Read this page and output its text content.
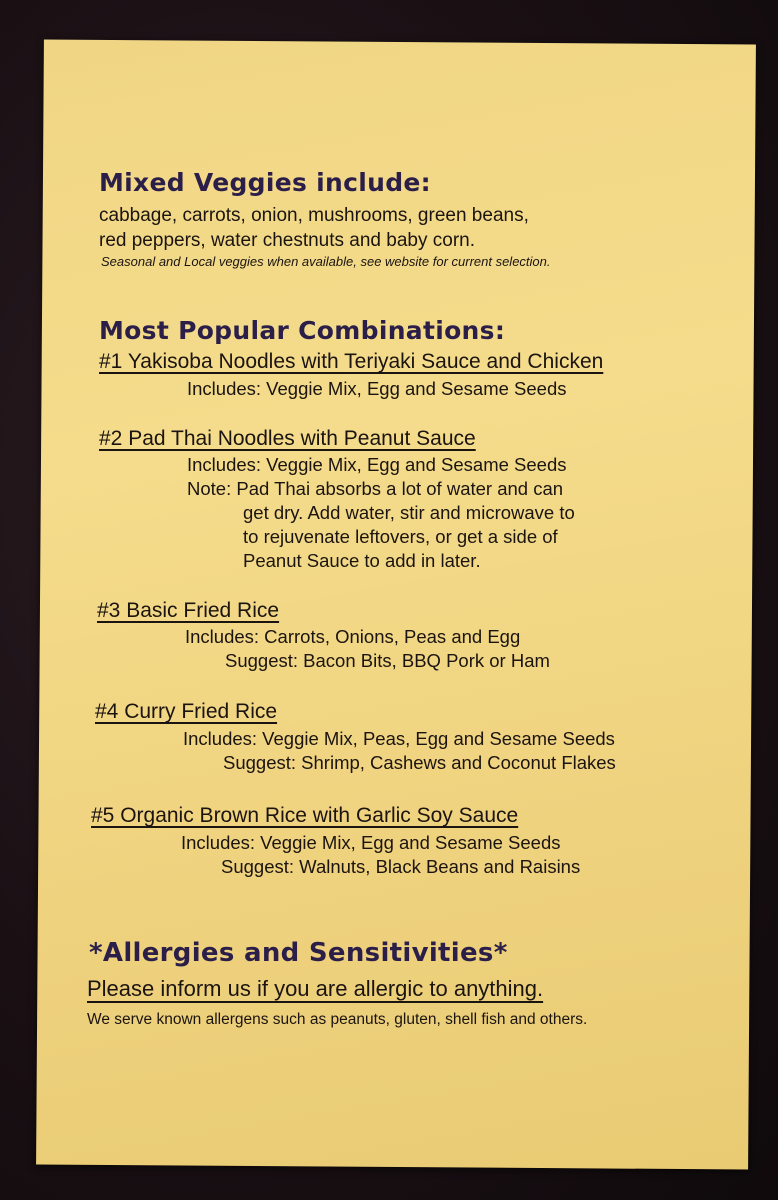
Mixed Veggies include:
cabbage, carrots, onion, mushrooms, green beans,
red peppers, water chestnuts and baby corn.
Seasonal and Local veggies when available, see website for current selection.
Most Popular Combinations:
#1 Yakisoba Noodles with Teriyaki Sauce and Chicken
Includes: Veggie Mix, Egg and Sesame Seeds
#2 Pad Thai Noodles with Peanut Sauce
Includes: Veggie Mix, Egg and Sesame Seeds
Note: Pad Thai absorbs a lot of water and can
get dry. Add water, stir and microwave to
to rejuvenate leftovers, or get a side of
Peanut Sauce to add in later.
#3 Basic Fried Rice
Includes: Carrots, Onions, Peas and Egg
Suggest: Bacon Bits, BBQ Pork or Ham
#4 Curry Fried Rice
Includes: Veggie Mix, Peas, Egg and Sesame Seeds
Suggest: Shrimp, Cashews and Coconut Flakes
#5 Organic Brown Rice with Garlic Soy Sauce
Includes: Veggie Mix, Egg and Sesame Seeds
Suggest: Walnuts, Black Beans and Raisins
*Allergies and Sensitivities*
Please inform us if you are allergic to anything.
We serve known allergens such as peanuts, gluten, shell fish and others.
